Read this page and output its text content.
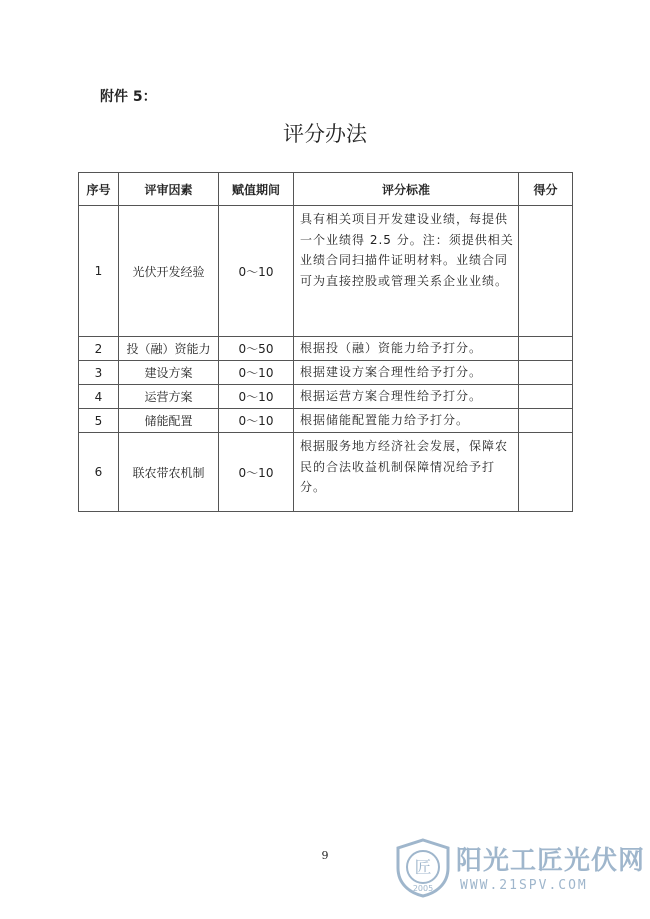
附件 5：
评分办法
序号	评审因素	赋值期间	评分标准	得分
1	光伏开发经验	0～10	具有相关项目开发建设业绩，每提供一个业绩得 2.5 分。注：须提供相关业绩合同扫描件证明材料。业绩合同可为直接控股或管理关系企业业绩。	
2	投（融）资能力	0～50	根据投（融）资能力给予打分。	
3	建设方案	0～10	根据建设方案合理性给予打分。	
4	运营方案	0～10	根据运营方案合理性给予打分。	
5	储能配置	0～10	根据储能配置能力给予打分。	
6	联农带农机制	0～10	根据服务地方经济社会发展，保障农民的合法收益机制保障情况给予打分。	
9
匠
2005
阳光工匠光伏网
WWW.21SPV.COM
